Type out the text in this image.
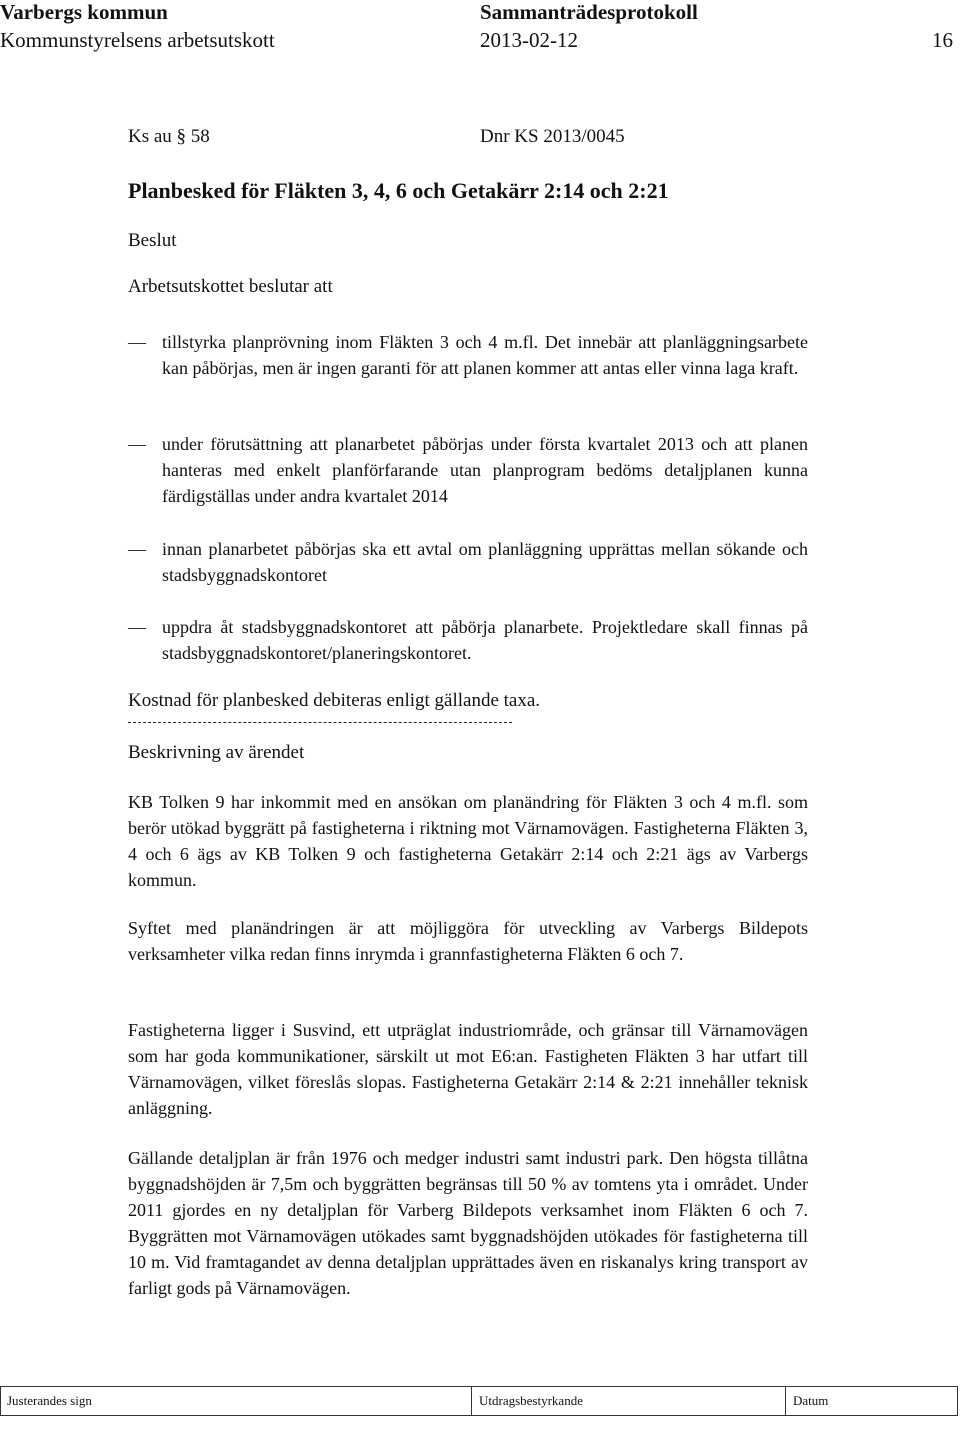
Varbergs kommun	Sammanträdesprotokoll
Kommunstyrelsens arbetsutskott	2013-02-12	16
Ks au § 58	Dnr KS 2013/0045
Planbesked för Fläkten 3, 4, 6 och Getakärr 2:14 och 2:21
Beslut
Arbetsutskottet beslutar att
— tillstyrka planprövning inom Fläkten 3 och 4 m.fl. Det innebär att planläggningsarbete kan påbörjas, men är ingen garanti för att planen kommer att antas eller vinna laga kraft.
— under förutsättning att planarbetet påbörjas under första kvartalet 2013 och att planen hanteras med enkelt planförfarande utan planprogram bedöms detaljplanen kunna färdigställas under andra kvartalet 2014
— innan planarbetet påbörjas ska ett avtal om planläggning upprättas mellan sökande och stadsbyggnadskontoret
— uppdra åt stadsbyggnadskontoret att påbörja planarbete. Projektledare skall finnas på stadsbyggnadskontoret/planeringskontoret.
Kostnad för planbesked debiteras enligt gällande taxa.
Beskrivning av ärendet
KB Tolken 9 har inkommit med en ansökan om planändring för Fläkten 3 och 4 m.fl. som berör utökad byggrätt på fastigheterna i riktning mot Värnamovägen. Fastigheterna Fläkten 3, 4 och 6 ägs av KB Tolken 9 och fastigheterna Getakärr 2:14 och 2:21 ägs av Varbergs kommun.
Syftet med planändringen är att möjliggöra för utveckling av Varbergs Bildepots verksamheter vilka redan finns inrymda i grannfastigheterna Fläkten 6 och 7.
Fastigheterna ligger i Susvind, ett utpräglat industriområde, och gränsar till Värnamovägen som har goda kommunikationer, särskilt ut mot E6:an. Fastigheten Fläkten 3 har utfart till Värnamovägen, vilket föreslås slopas. Fastigheterna Getakärr 2:14 & 2:21 innehåller teknisk anläggning.
Gällande detaljplan är från 1976 och medger industri samt industri park. Den högsta tillåtna byggnadshöjden är 7,5m och byggrätten begränsas till 50 % av tomtens yta i området. Under 2011 gjordes en ny detaljplan för Varberg Bildepots verksamhet inom Fläkten 6 och 7. Byggrätten mot Värnamovägen utökades samt byggnadshöjden utökades för fastigheterna till 10 m. Vid framtagandet av denna detaljplan upprättades även en riskanalys kring transport av farligt gods på Värnamovägen.
Justerandes sign	Utdragsbestyrkande	Datum
